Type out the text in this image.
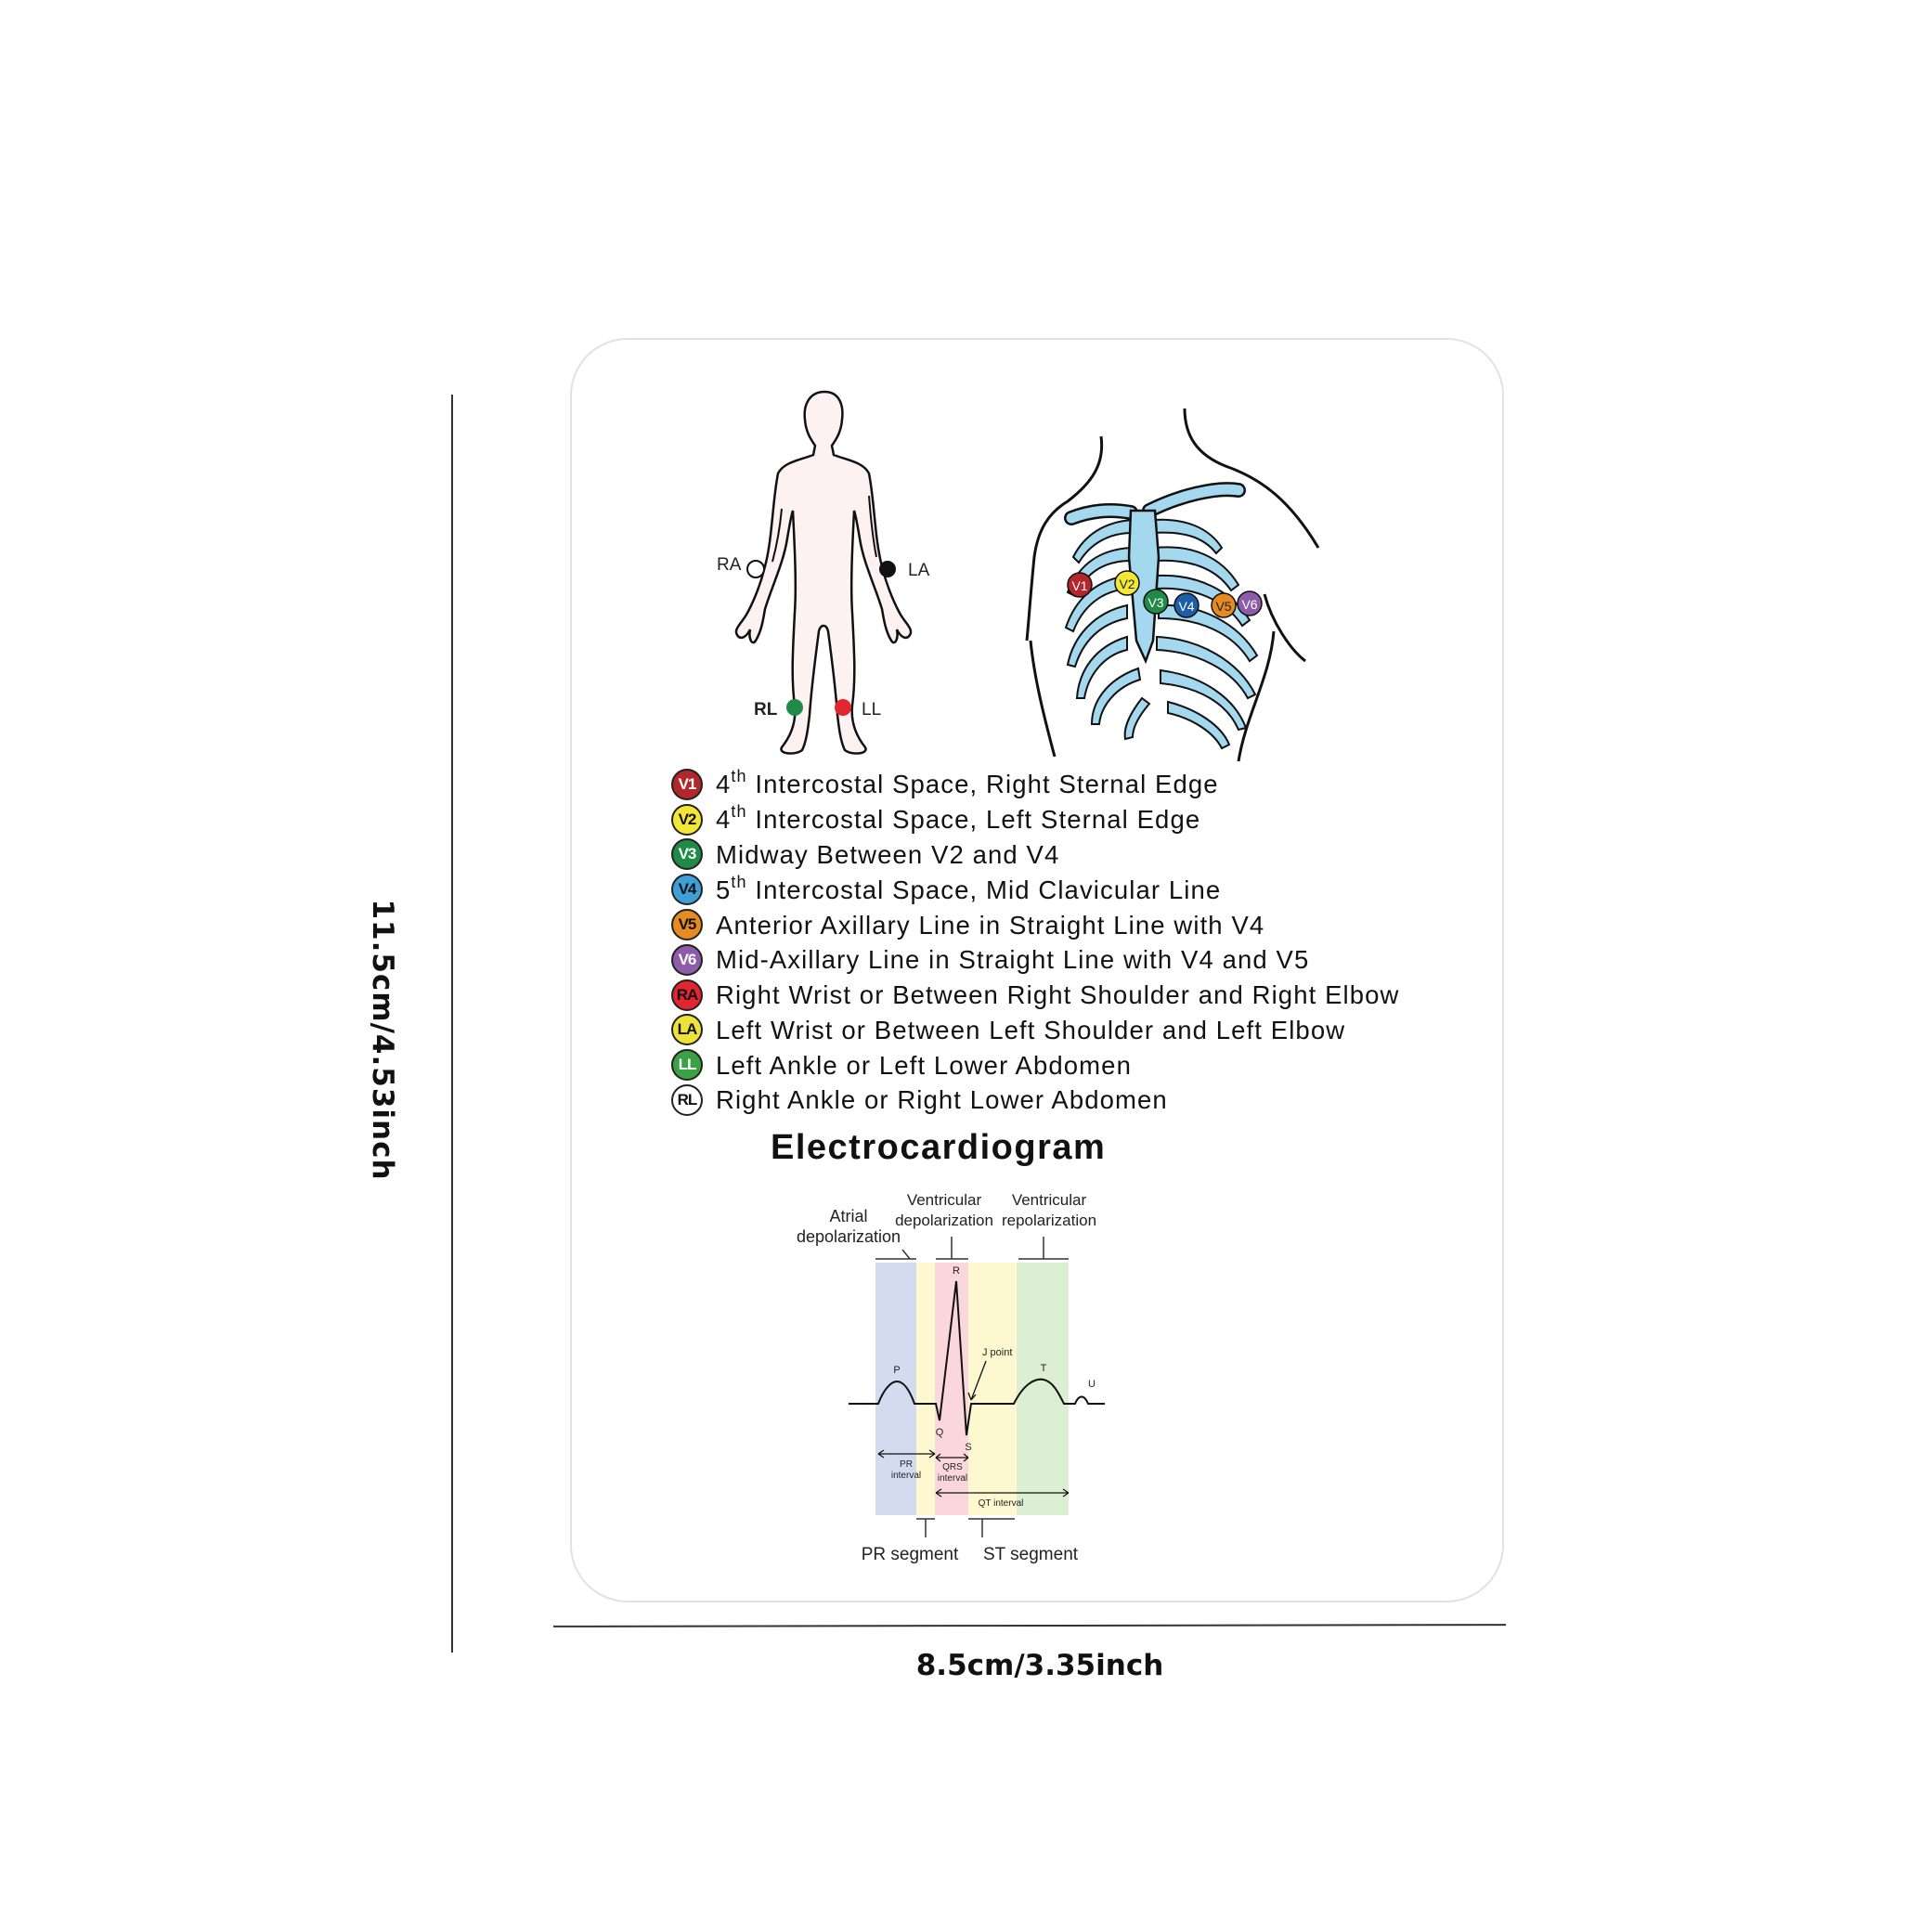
11.5cm/4.53inch
8.5cm/3.35inch
RA	LA
RL	LL
V1 V2
V3 V4 V5 V6
V1 4th Intercostal Space, Right Sternal Edge
V2 4th Intercostal Space, Left Sternal Edge
V3 Midway Between V2 and V4
V4 5th Intercostal Space, Mid Clavicular Line
V5 Anterior Axillary Line in Straight Line with V4
V6 Mid-Axillary Line in Straight Line with V4 and V5
RA Right Wrist or Between Right Shoulder and Right Elbow
LA Left Wrist or Between Left Shoulder and Left Elbow
LL Left Ankle or Left Lower Abdomen
RL Right Ankle or Right Lower Abdomen
Electrocardiogram
Atrial
depolarization
Ventricular
depolarization
Ventricular
repolarization
P
R
Q
S
T
U
J point
PR
interval
QRS
interval
QT interval
PR segment ST segment
